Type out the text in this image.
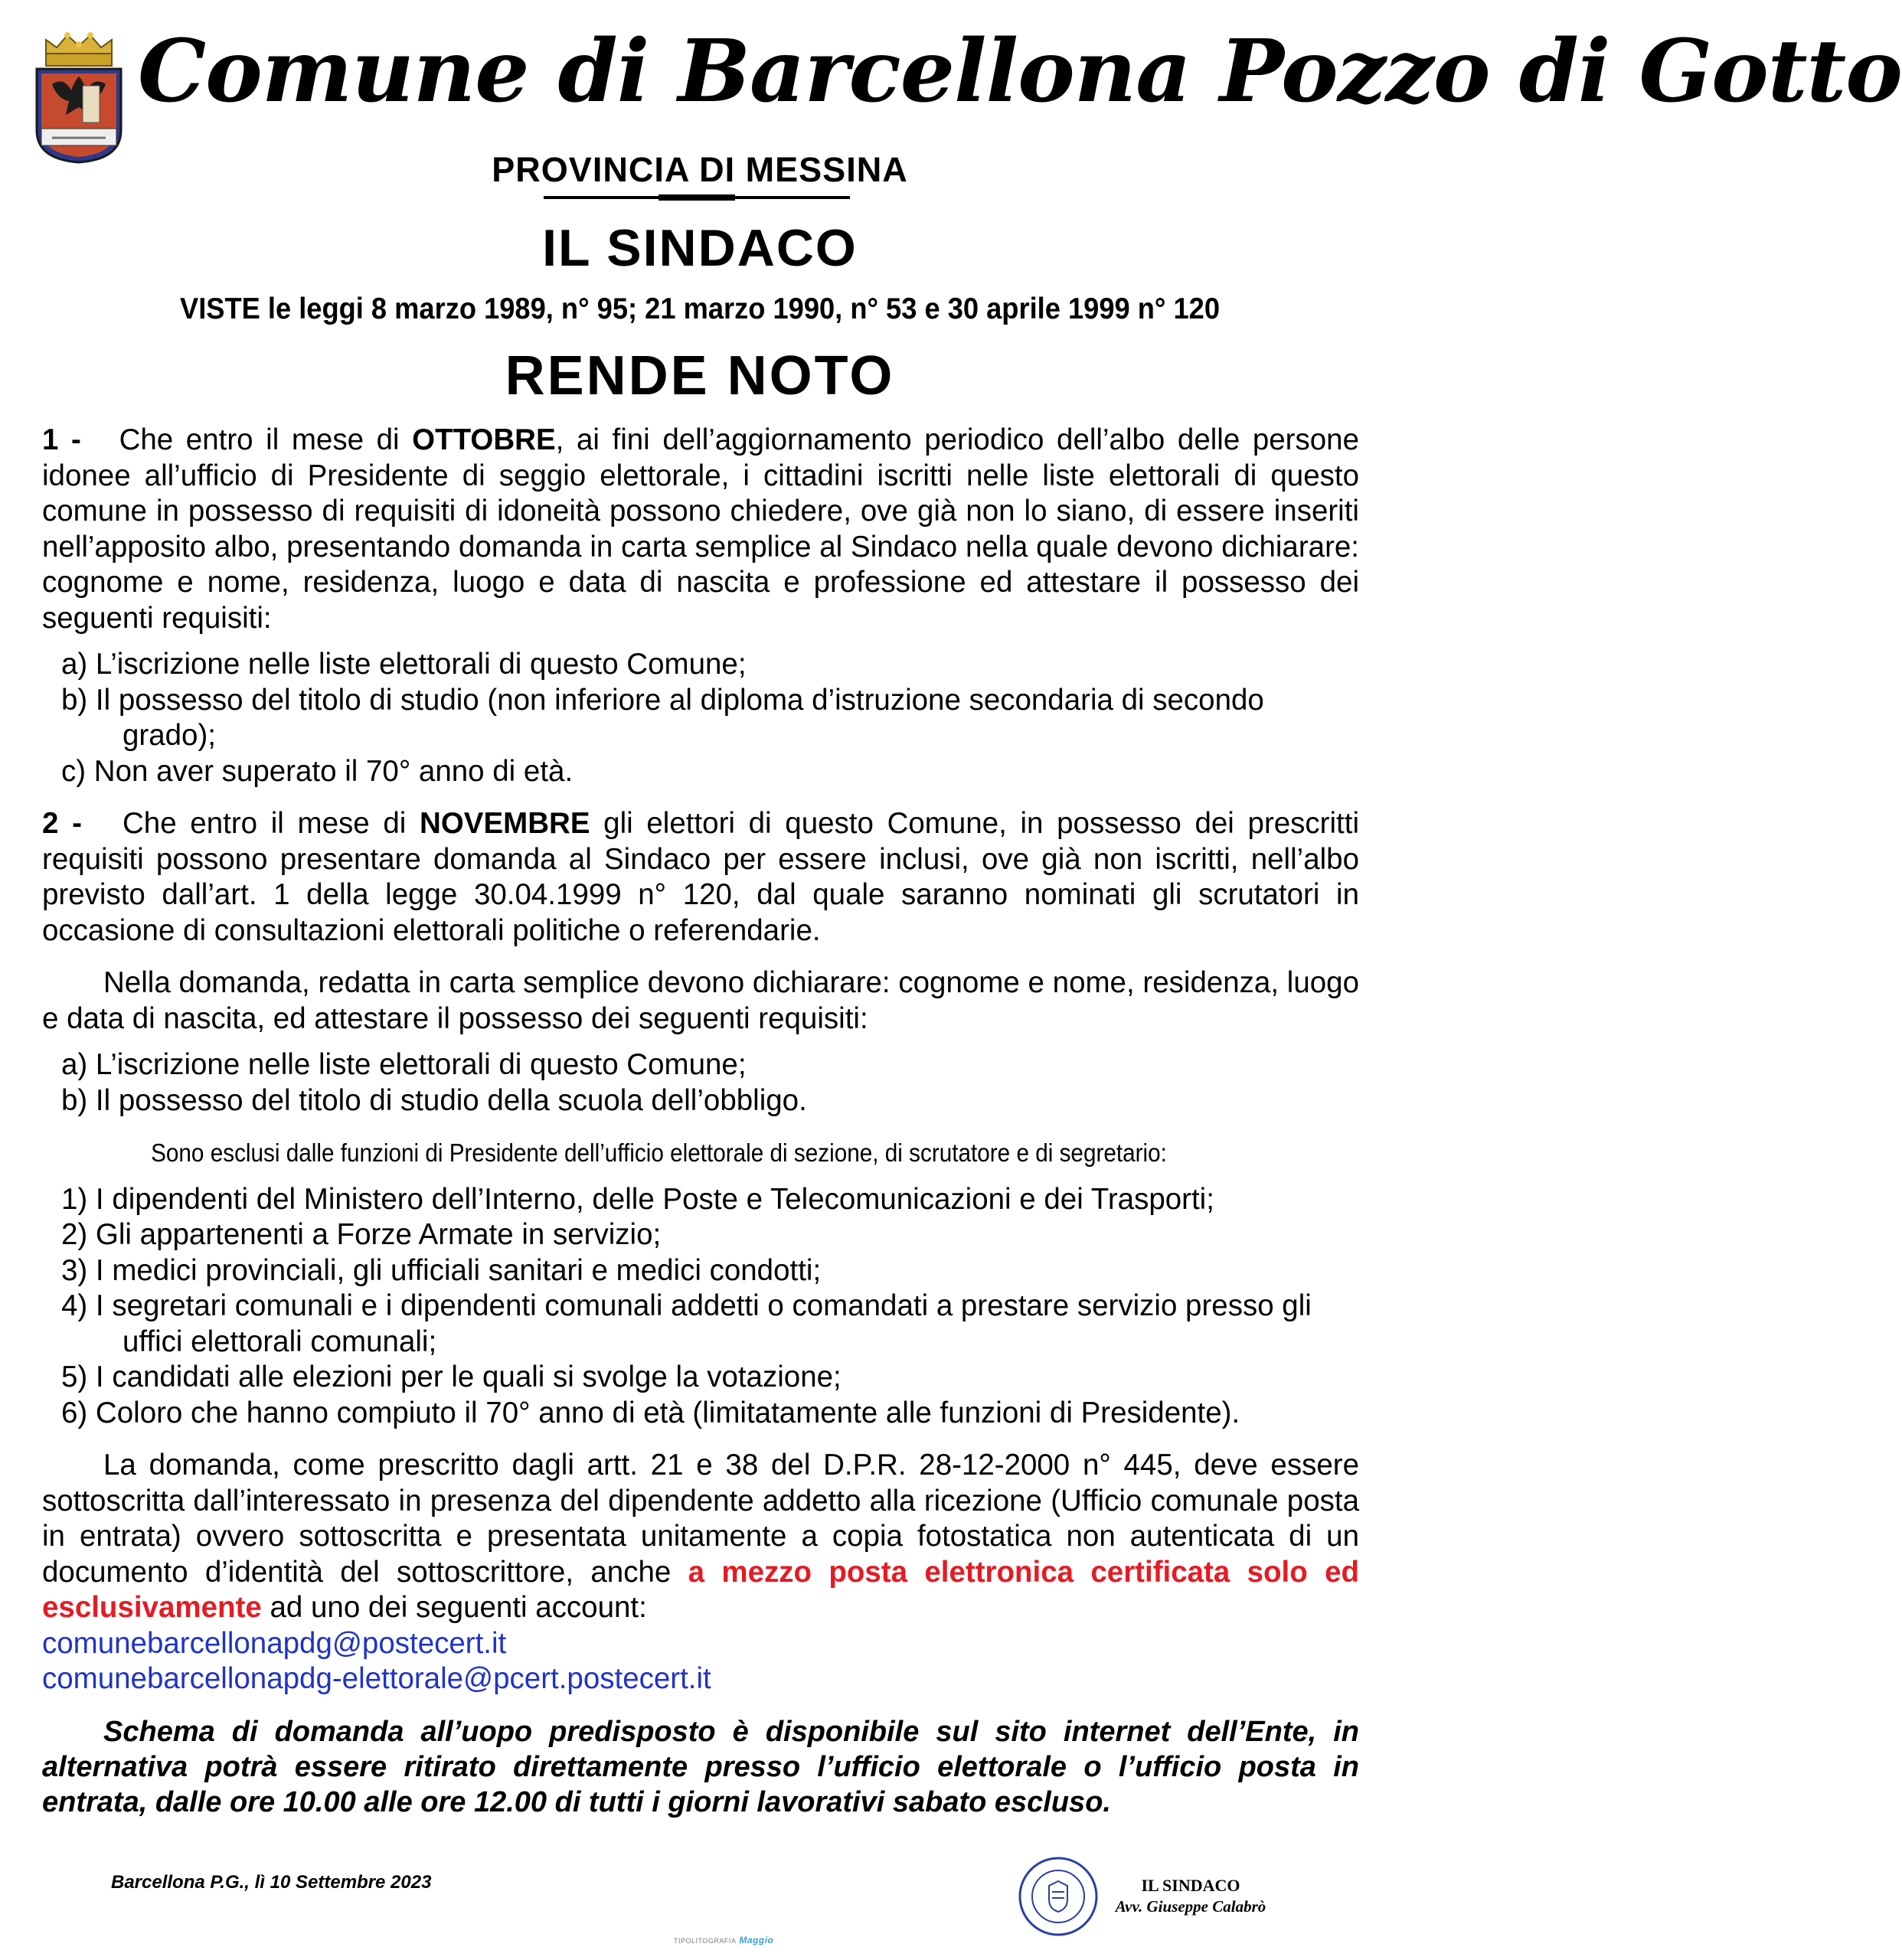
Comune di Barcellona Pozzo di Gotto
PROVINCIA DI MESSINA
IL SINDACO
VISTE le leggi 8 marzo 1989, n° 95; 21 marzo 1990, n° 53 e 30 aprile 1999 n° 120
RENDE NOTO

1 - Che entro il mese di OTTOBRE, ai fini dell’aggiornamento periodico dell’albo delle persone idonee all’ufficio di Presidente di seggio elettorale, i cittadini iscritti nelle liste elettorali di questo comune in possesso di requisiti di idoneità possono chiedere, ove già non lo siano, di essere inseriti nell’apposito albo, presentando domanda in carta semplice al Sindaco nella quale devono dichiarare: cognome e nome, residenza, luogo e data di nascita e professione ed attestare il possesso dei seguenti requisiti:

a) L’iscrizione nelle liste elettorali di questo Comune;

b) Il possesso del titolo di studio (non inferiore al diploma d’istruzione secondaria di secondo grado);

c) Non aver superato il 70° anno di età.

2 - Che entro il mese di NOVEMBRE gli elettori di questo Comune, in possesso dei prescritti requisiti possono presentare domanda al Sindaco per essere inclusi, ove già non iscritti, nell’albo previsto dall’art. 1 della legge 30.04.1999 n° 120, dal quale saranno nominati gli scrutatori in occasione di consultazioni elettorali politiche o referendarie.

Nella domanda, redatta in carta semplice devono dichiarare: cognome e nome, residenza, luogo e data di nascita, ed attestare il possesso dei seguenti requisiti:

a) L’iscrizione nelle liste elettorali di questo Comune;

b) Il possesso del titolo di studio della scuola dell’obbligo.

Sono esclusi dalle funzioni di Presidente dell’ufficio elettorale di sezione, di scrutatore e di segretario:

1) I dipendenti del Ministero dell’Interno, delle Poste e Telecomunicazioni e dei Trasporti;

2) Gli appartenenti a Forze Armate in servizio;

3) I medici provinciali, gli ufficiali sanitari e medici condotti;

4) I segretari comunali e i dipendenti comunali addetti o comandati a prestare servizio presso gli uffici elettorali comunali;

5) I candidati alle elezioni per le quali si svolge la votazione;

6) Coloro che hanno compiuto il 70° anno di età (limitatamente alle funzioni di Presidente).

La domanda, come prescritto dagli artt. 21 e 38 del D.P.R. 28-12-2000 n° 445, deve essere sottoscritta dall’interessato in presenza del dipendente addetto alla ricezione (Ufficio comunale posta in entrata) ovvero sottoscritta e presentata unitamente a copia fotostatica non autenticata di un documento d’identità del sottoscrittore, anche a mezzo posta elettronica certificata solo ed esclusivamente ad uno dei seguenti account:

comunebarcellonapdg@postecert.it

comunebarcellonapdg-elettorale@pcert.postecert.it

Schema di domanda all’uopo predisposto è disponibile sul sito internet dell’Ente, in alternativa potrà essere ritirato direttamente presso l’ufficio elettorale o l’ufficio posta in entrata, dalle ore 10.00 alle ore 12.00 di tutti i giorni lavorativi sabato escluso.

Barcellona P.G., lì 10 Settembre 2023
TIPOLITOGRAFIA Maggio
IL SINDACO
Avv. Giuseppe Calabrò
